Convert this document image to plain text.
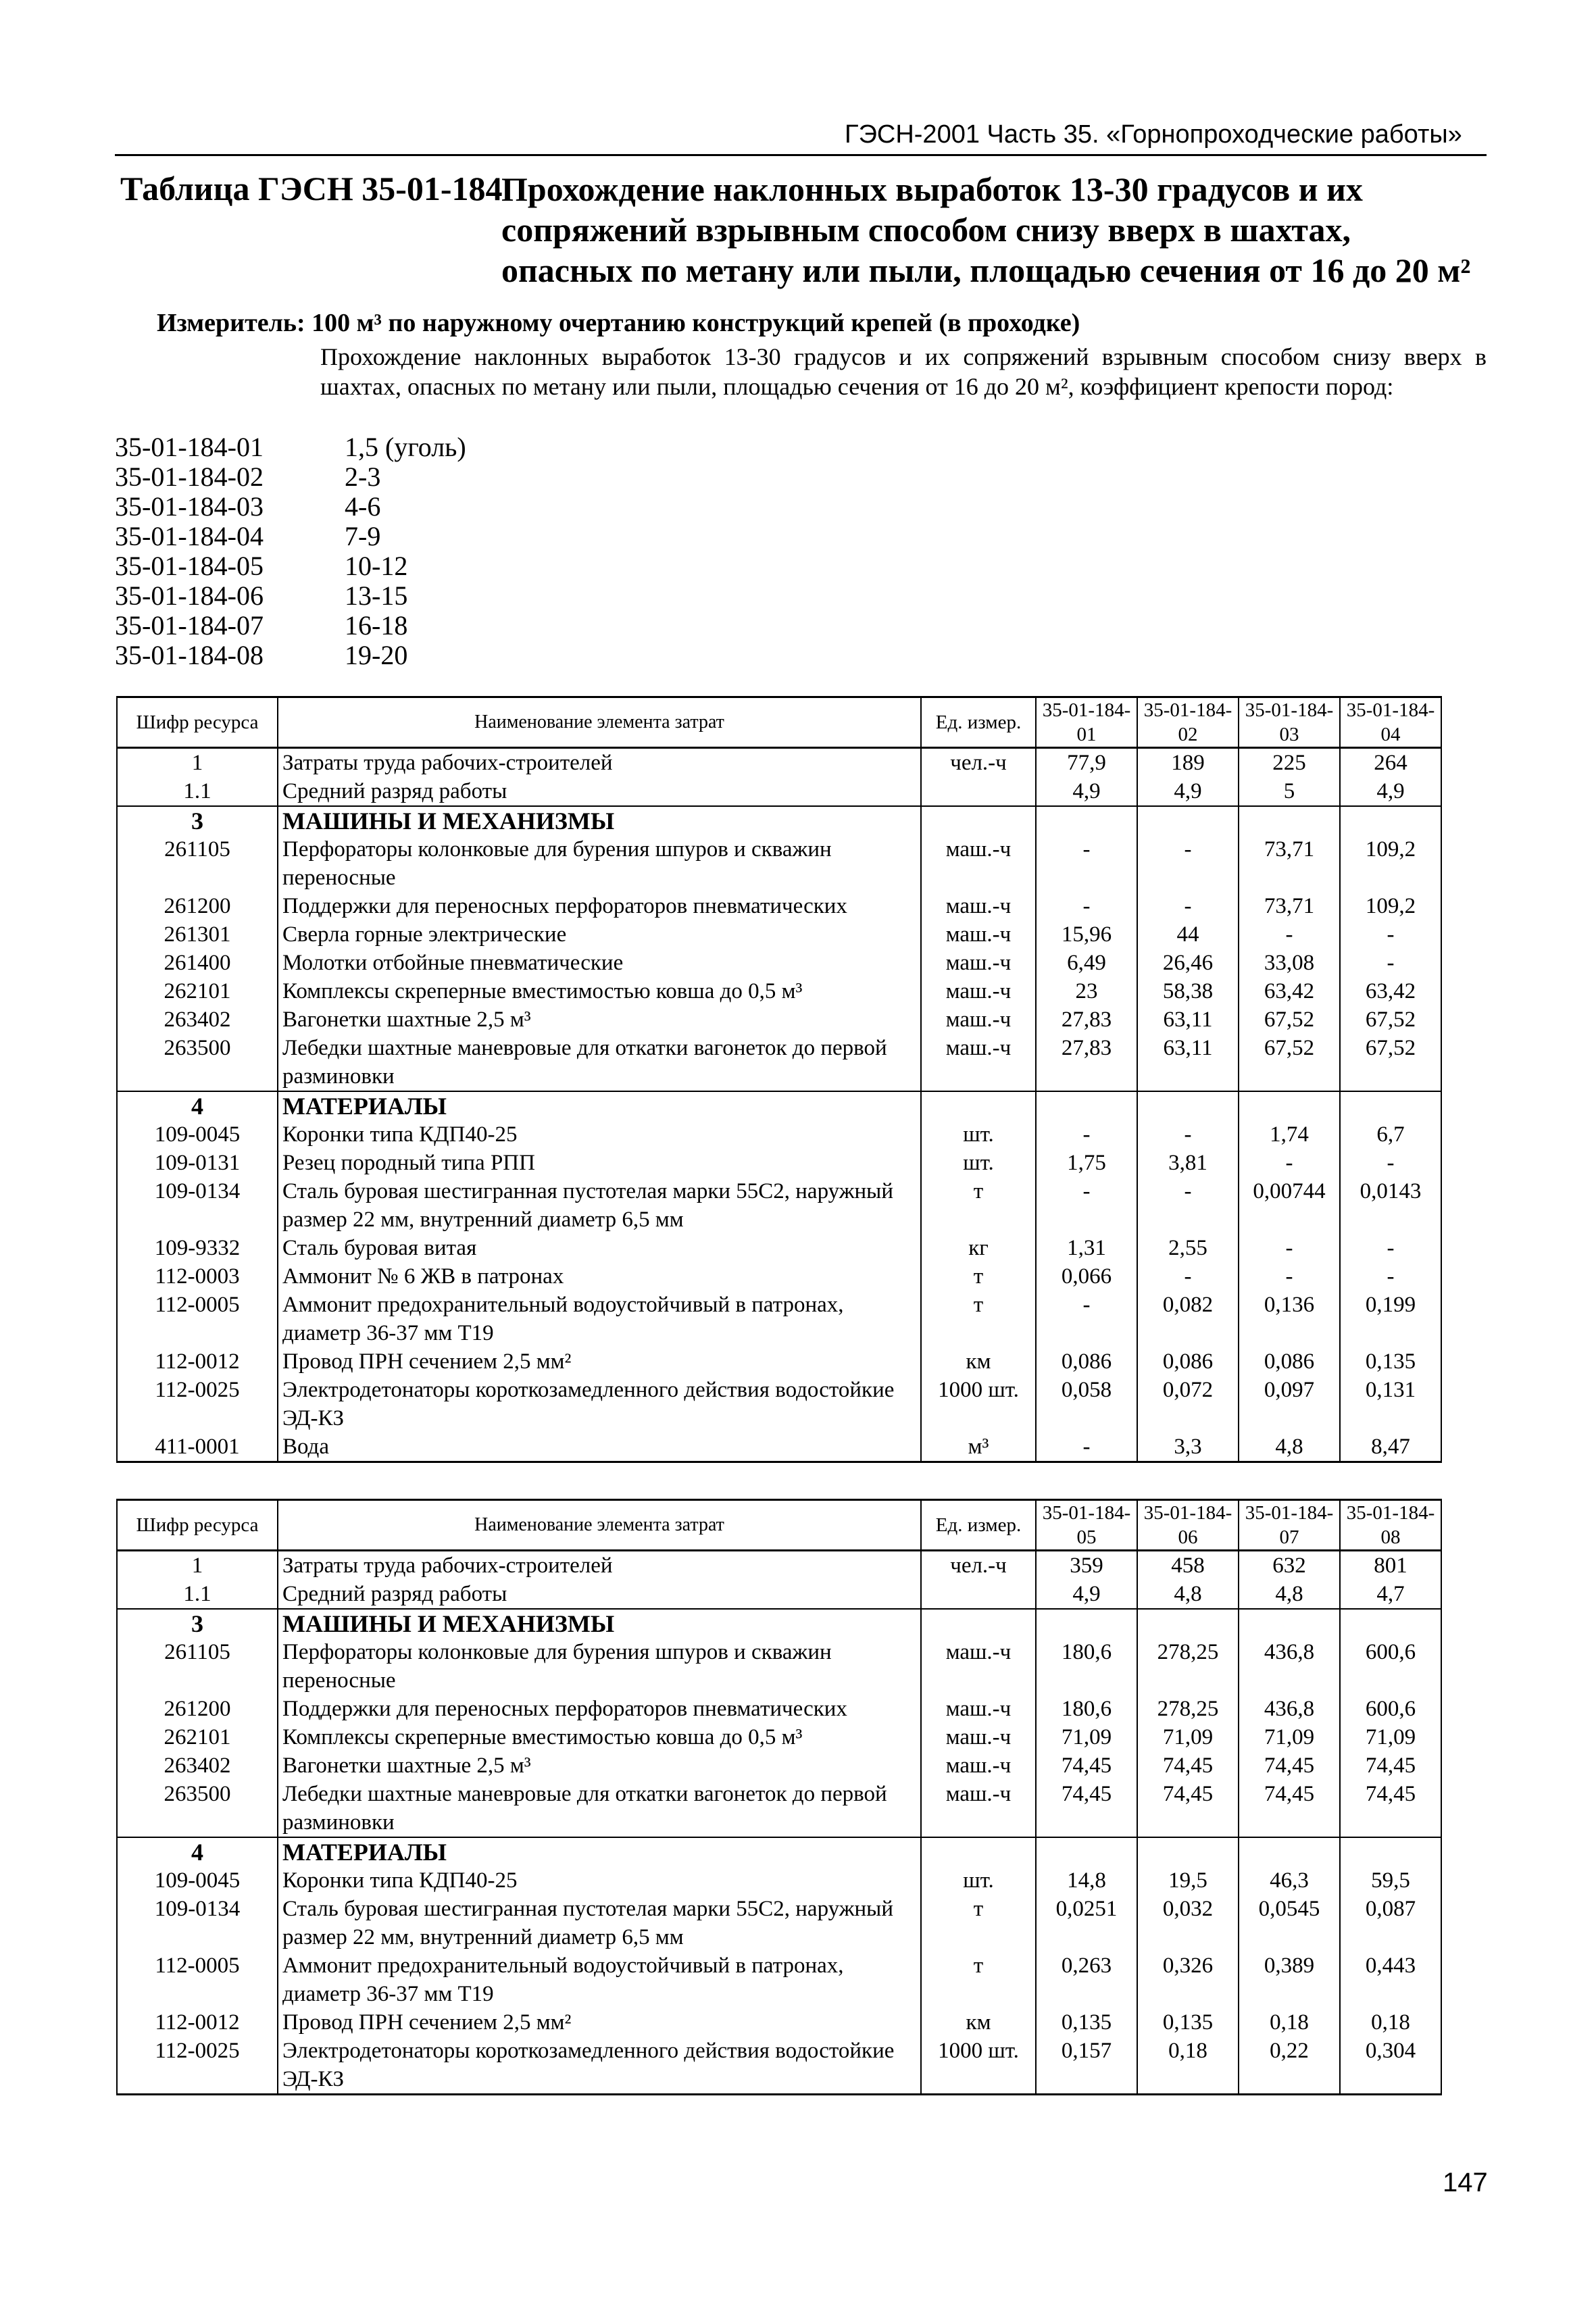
ГЭСН-2001 Часть 35. «Горнопроходческие работы»
Таблица ГЭСН 35-01-184
Прохождение наклонных выработок 13-30 градусов и их сопряжений взрывным способом снизу вверх в шахтах, опасных по метану или пыли, площадью сечения от 16 до 20 м²
Измеритель: 100 м³ по наружному очертанию конструкций крепей (в проходке)
Прохождение наклонных выработок 13-30 градусов и их сопряжений взрывным способом снизу вверх в шахтах, опасных по метану или пыли, площадью сечения от 16 до 20 м², коэффициент крепости пород:
35-01-184-01	1,5 (уголь)
35-01-184-02	2-3
35-01-184-03	4-6
35-01-184-04	7-9
35-01-184-05	10-12
35-01-184-06	13-15
35-01-184-07	16-18
35-01-184-08	19-20
Шифр ресурса	Наименование элемента затрат	Ед. измер.	35-01-184-01	35-01-184-02	35-01-184-03	35-01-184-04
1	Затраты труда рабочих-строителей	чел.-ч	77,9	189	225	264
1.1	Средний разряд работы		4,9	4,9	5	4,9
3	МАШИНЫ И МЕХАНИЗМЫ					
261105	Перфораторы колонковые для бурения шпуров и скважин переносные	маш.-ч	-	-	73,71	109,2
261200	Поддержки для переносных перфораторов пневматических	маш.-ч	-	-	73,71	109,2
261301	Сверла горные электрические	маш.-ч	15,96	44	-	-
261400	Молотки отбойные пневматические	маш.-ч	6,49	26,46	33,08	-
262101	Комплексы скреперные вместимостью ковша до 0,5 м³	маш.-ч	23	58,38	63,42	63,42
263402	Вагонетки шахтные 2,5 м³	маш.-ч	27,83	63,11	67,52	67,52
263500	Лебедки шахтные маневровые для откатки вагонеток до первой разминовки	маш.-ч	27,83	63,11	67,52	67,52
4	МАТЕРИАЛЫ					
109-0045	Коронки типа КДП40-25	шт.	-	-	1,74	6,7
109-0131	Резец породный типа РПП	шт.	1,75	3,81	-	-
109-0134	Сталь буровая шестигранная пустотелая марки 55С2, наружный размер 22 мм, внутренний диаметр 6,5 мм	т	-	-	0,00744	0,0143
109-9332	Сталь буровая витая	кг	1,31	2,55	-	-
112-0003	Аммонит № 6 ЖВ в патронах	т	0,066	-	-	-
112-0005	Аммонит предохранительный водоустойчивый в патронах, диаметр 36-37 мм Т19	т	-	0,082	0,136	0,199
112-0012	Провод ПРН сечением 2,5 мм²	км	0,086	0,086	0,086	0,135
112-0025	Электродетонаторы короткозамедленного действия водостойкие ЭД-КЗ	1000 шт.	0,058	0,072	0,097	0,131
411-0001	Вода	м³	-	3,3	4,8	8,47
Шифр ресурса	Наименование элемента затрат	Ед. измер.	35-01-184-05	35-01-184-06	35-01-184-07	35-01-184-08
1	Затраты труда рабочих-строителей	чел.-ч	359	458	632	801
1.1	Средний разряд работы		4,9	4,8	4,8	4,7
3	МАШИНЫ И МЕХАНИЗМЫ					
261105	Перфораторы колонковые для бурения шпуров и скважин переносные	маш.-ч	180,6	278,25	436,8	600,6
261200	Поддержки для переносных перфораторов пневматических	маш.-ч	180,6	278,25	436,8	600,6
262101	Комплексы скреперные вместимостью ковша до 0,5 м³	маш.-ч	71,09	71,09	71,09	71,09
263402	Вагонетки шахтные 2,5 м³	маш.-ч	74,45	74,45	74,45	74,45
263500	Лебедки шахтные маневровые для откатки вагонеток до первой разминовки	маш.-ч	74,45	74,45	74,45	74,45
4	МАТЕРИАЛЫ					
109-0045	Коронки типа КДП40-25	шт.	14,8	19,5	46,3	59,5
109-0134	Сталь буровая шестигранная пустотелая марки 55С2, наружный размер 22 мм, внутренний диаметр 6,5 мм	т	0,0251	0,032	0,0545	0,087
112-0005	Аммонит предохранительный водоустойчивый в патронах, диаметр 36-37 мм Т19	т	0,263	0,326	0,389	0,443
112-0012	Провод ПРН сечением 2,5 мм²	км	0,135	0,135	0,18	0,18
112-0025	Электродетонаторы короткозамедленного действия водостойкие ЭД-КЗ	1000 шт.	0,157	0,18	0,22	0,304
147
